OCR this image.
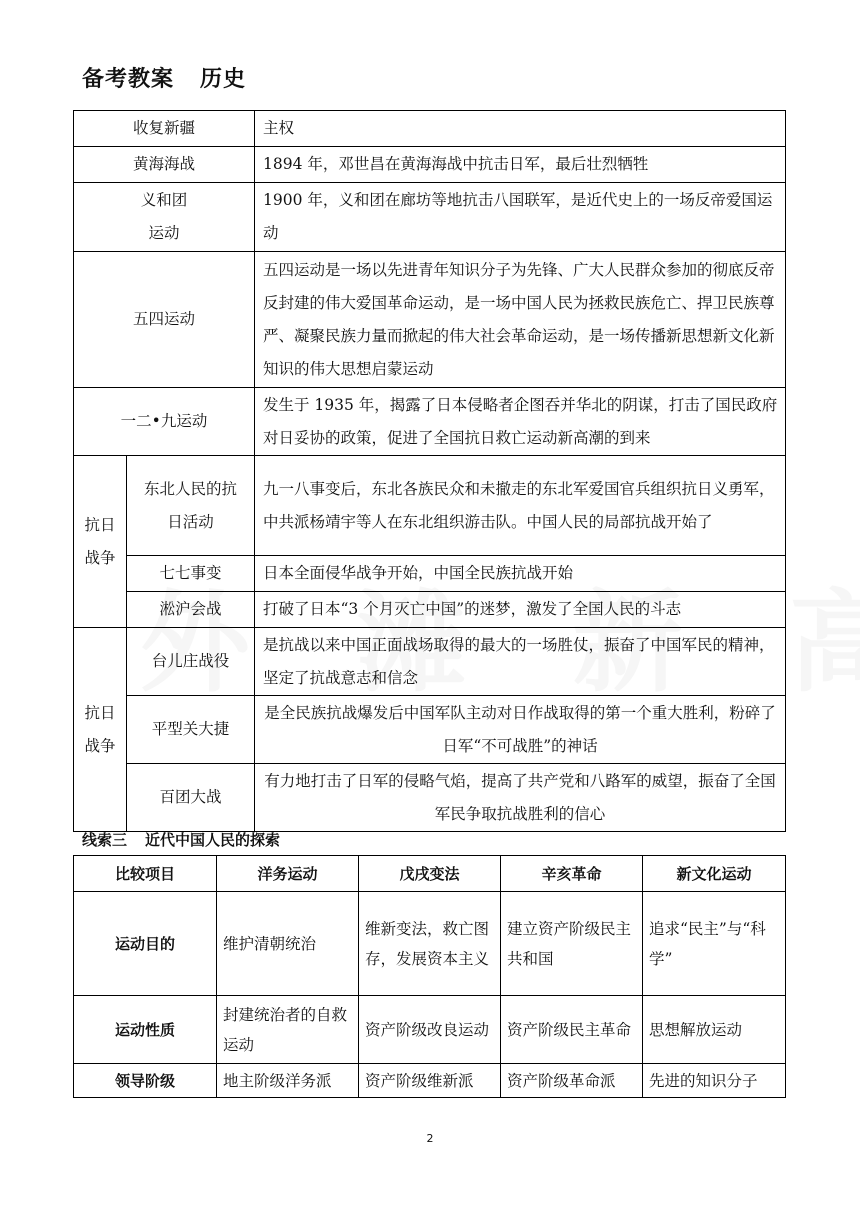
备考教案 历史
收复新疆		主权
黄海海战		1894 年，邓世昌在黄海海战中抗击日军，最后壮烈牺牲

义和团运动		1900 年，义和团在廊坊等地抗击八国联军，是近代史上的一场反帝爱国运动
五四运动		五四运动是一场以先进青年知识分子为先锋、广大人民群众参加的彻底反帝反封建的伟大爱国革命运动，是一场中国人民为拯救民族危亡、捍卫民族尊严、凝聚民族力量而掀起的伟大社会革命运动，是一场传播新思想新文化新知识的伟大思想启蒙运动
一二•九运动		发生于 1935 年，揭露了日本侵略者企图吞并华北的阴谋，打击了国民政府对日妥协的政策，促进了全国抗日救亡运动新高潮的到来

抗日战争	东北人民的抗日活动	九一八事变后，东北各族民众和未撤走的东北军爱国官兵组织抗日义勇军，中共派杨靖宇等人在东北组织游击队。中国人民的局部抗战开始了
	七七事变	日本全面侵华战争开始，中国全民族抗战开始
	淞沪会战	打破了日本“3 个月灭亡中国”的迷梦，激发了全国人民的斗志

抗日战争	台儿庄战役	是抗战以来中国正面战场取得的最大的一场胜仗，振奋了中国军民的精神，坚定了抗战意志和信念
	平型关大捷	是全民族抗战爆发后中国军队主动对日作战取得的第一个重大胜利，粉碎了日军“不可战胜”的神话
	百团大战	有力地打击了日军的侵略气焰，提高了共产党和八路军的威望，振奋了全国军民争取抗战胜利的信心
线索三 近代中国人民的探索
比较项目	洋务运动	戊戌变法	辛亥革命	新文化运动
运动目的	维护清朝统治	维新变法，救亡图存，发展资本主义	建立资产阶级民主共和国	追求“民主”与“科学”
运动性质	封建统治者的自救运动	资产阶级改良运动	资产阶级民主革命	思想解放运动
领导阶级	地主阶级洋务派	资产阶级维新派	资产阶级革命派	先进的知识分子
2
